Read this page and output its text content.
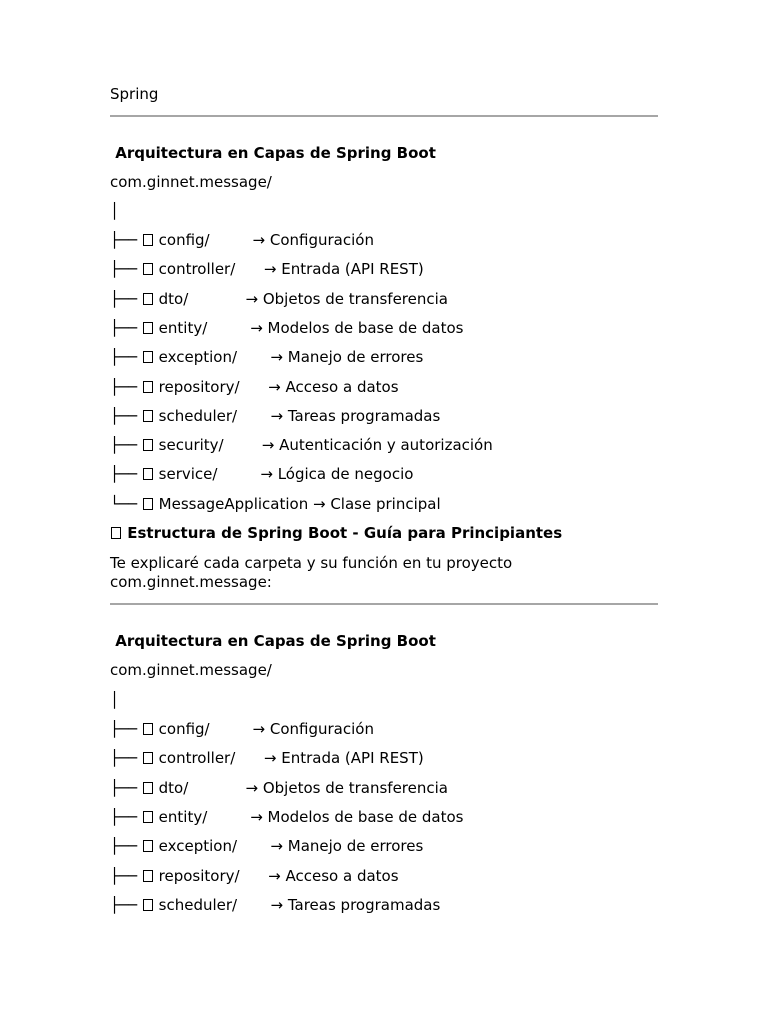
Spring
Arquitectura en Capas de Spring Boot
com.ginnet.message/
│
├──  config/	→ Configuración
├──  controller/ → Entrada (API REST)
├──  dto/	→ Objetos de transferencia
├──  entity/	→ Modelos de base de datos
├──  exception/ → Manejo de errores
├──  repository/ → Acceso a datos
├──  scheduler/ → Tareas programadas
├──  security/	→ Autenticación y autorización
├──  service/	→ Lógica de negocio
└──  MessageApplication → Clase principal
Estructura de Spring Boot - Guía para Principiantes
Te explicaré cada carpeta y su función en tu proyecto
com.ginnet.message:
Arquitectura en Capas de Spring Boot
com.ginnet.message/
│
├──  config/	→ Configuración
├──  controller/ → Entrada (API REST)
├──  dto/	→ Objetos de transferencia
├──  entity/	→ Modelos de base de datos
├──  exception/ → Manejo de errores
├──  repository/ → Acceso a datos
├──  scheduler/ → Tareas programadas
